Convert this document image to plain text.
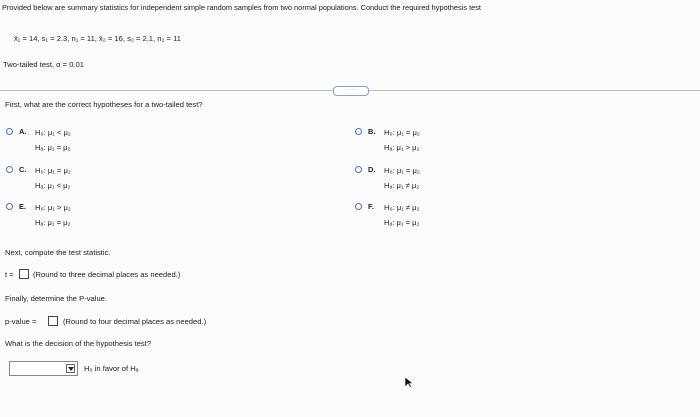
Provided below are summary statistics for independent simple random samples from two normal populations. Conduct the required hypothesis test
x̄₁ = 14, s₁ = 2.3, n₁ = 11, x̄₂ = 16, s₂ = 2.1, n₂ = 11
Two-tailed test, α = 0.01
·····
First, what are the correct hypotheses for a two-tailed test?
A. H₀: μ₁ < μ₂
Hₐ: μ₁ = μ₂
C. H₀: μ₁ = μ₂
Hₐ: μ₁ < μ₂
E. H₀: μ₁ > μ₂
Hₐ: μ₁ = μ₂
B. H₀: μ₁ = μ₂
Hₐ: μ₁ > μ₂
D. H₀: μ₁ = μ₂
Hₐ: μ₁ ≠ μ₂
F. H₀: μ₁ ≠ μ₂
Hₐ: μ₁ = μ₂
Next, compute the test statistic.
t =	(Round to three decimal places as needed.)
Finally, determine the P-value.
p-value =	(Round to four decimal places as needed.)
What is the decision of the hypothesis test?
H₀ in favor of Hₐ
